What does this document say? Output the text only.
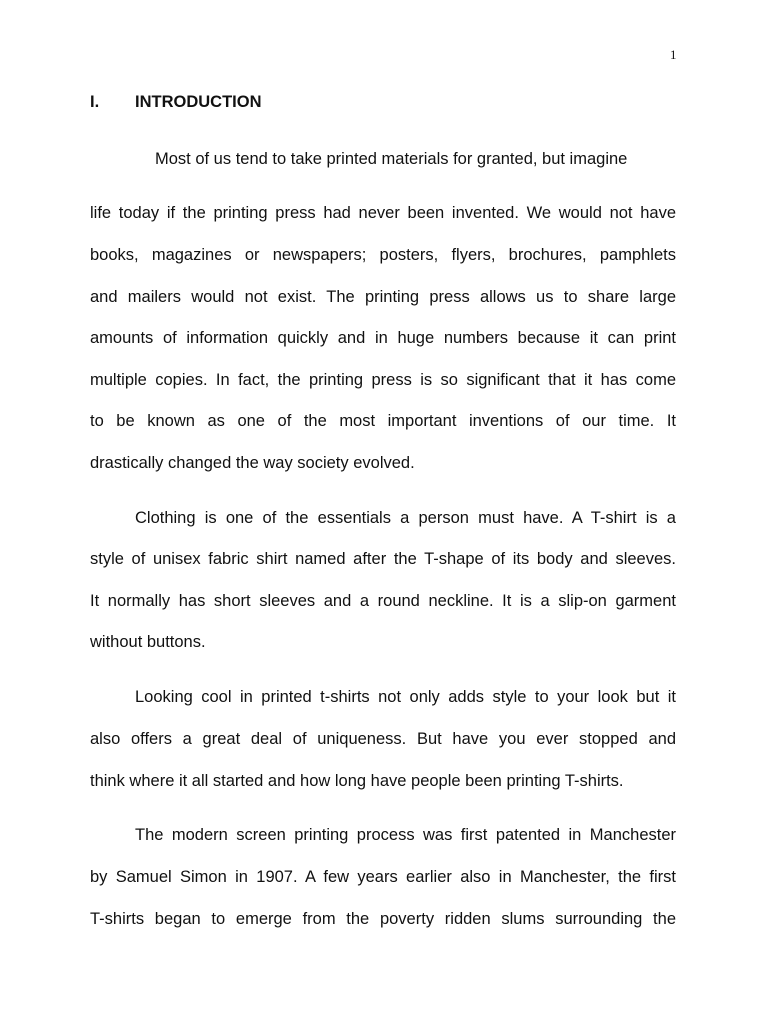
1
I. INTRODUCTION
Most of us tend to take printed materials for granted, but imagine
life today if the printing press had never been invented. We would not have
books, magazines or newspapers; posters, flyers, brochures, pamphlets
and mailers would not exist. The printing press allows us to share large
amounts of information quickly and in huge numbers because it can print
multiple copies. In fact, the printing press is so significant that it has come
to be known as one of the most important inventions of our time. It
drastically changed the way society evolved.
Clothing is one of the essentials a person must have. A T-shirt is a
style of unisex fabric shirt named after the T-shape of its body and sleeves.
It normally has short sleeves and a round neckline. It is a slip-on garment
without buttons.
Looking cool in printed t-shirts not only adds style to your look but it
also offers a great deal of uniqueness. But have you ever stopped and
think where it all started and how long have people been printing T-shirts.
The modern screen printing process was first patented in Manchester
by Samuel Simon in 1907. A few years earlier also in Manchester, the first
T-shirts began to emerge from the poverty ridden slums surrounding the
